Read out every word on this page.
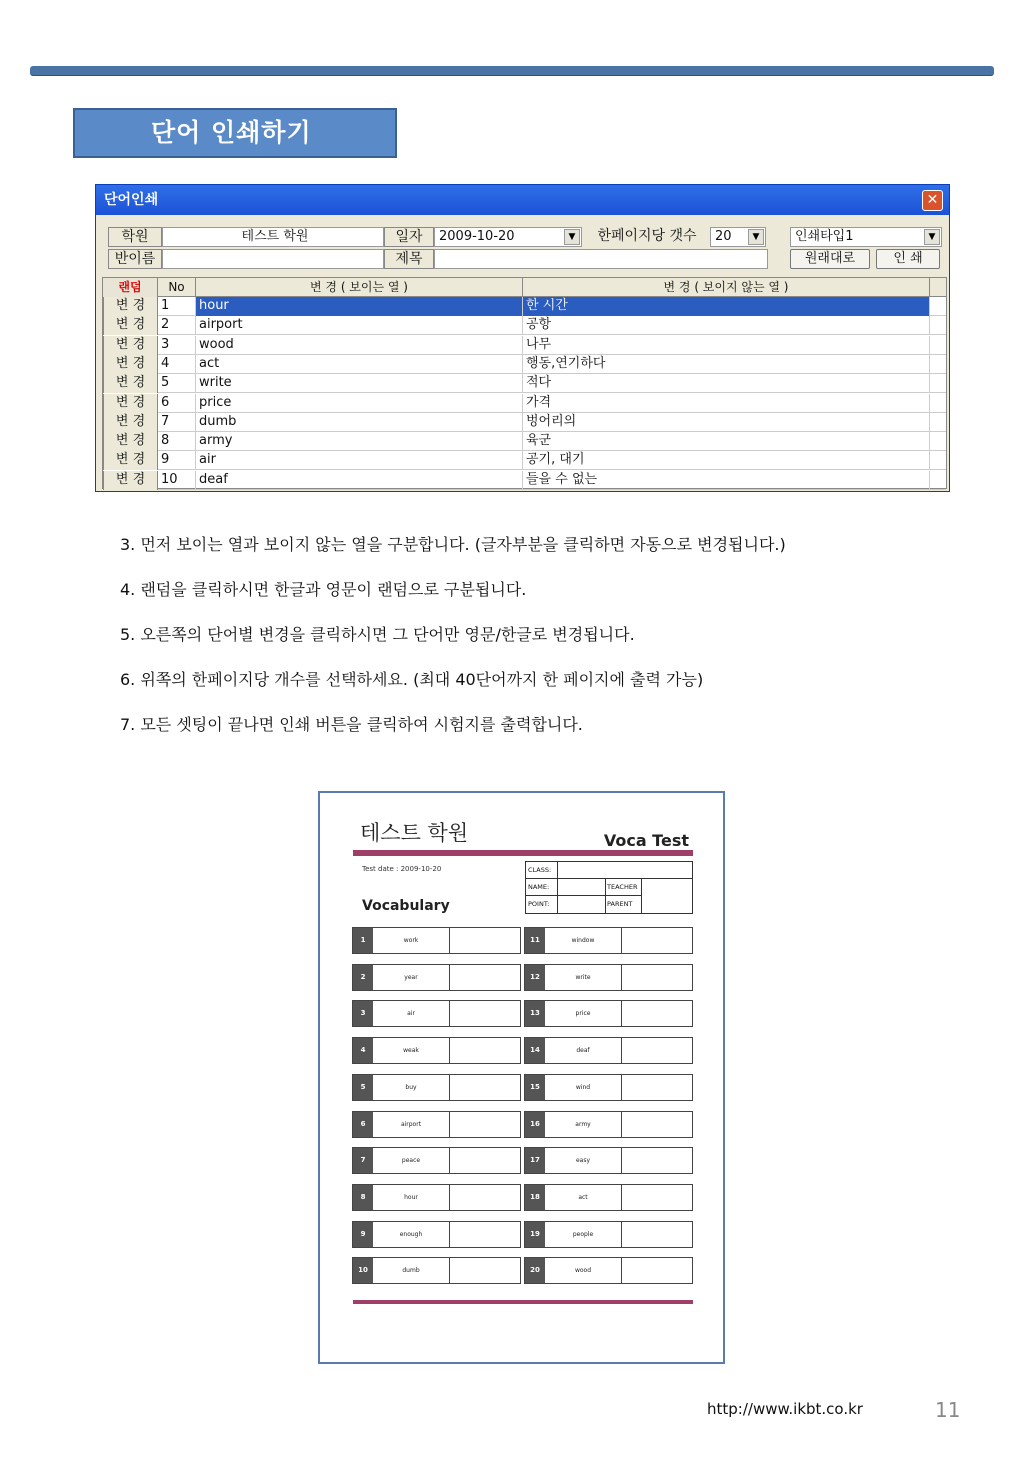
단어 인쇄하기
단어인쇄	✕
학원	테스트 학원	일자	2009-10-20	▼	한페이지당 갯수	20	▼	인쇄타입1	▼
반이름	제목	원래대로	인 쇄
랜덤	No	변 경 ( 보이는 열 )	변 경 ( 보이지 않는 열 )
변 경	1	hour	한 시간
변 경	2	airport	공항
변 경	3	wood	나무
변 경	4	act	행동,연기하다
변 경	5	write	적다
변 경	6	price	가격
변 경	7	dumb	벙어리의
변 경	8	army	육군
변 경	9	air	공기, 대기
변 경	10	deaf	들을 수 없는
3. 먼저 보이는 열과 보이지 않는 열을 구분합니다. (글자부분을 클릭하면 자동으로 변경됩니다.)
4. 랜덤을 클릭하시면 한글과 영문이 랜덤으로 구분됩니다.
5. 오른쪽의 단어별 변경을 클릭하시면 그 단어만 영문/한글로 변경됩니다.
6. 위쪽의 한페이지당 개수를 선택하세요. (최대 40단어까지 한 페이지에 출력 가능)
7. 모든 셋팅이 끝나면 인쇄 버튼을 클릭하여 시험지를 출력합니다.
테스트 학원	Voca Test
Test date : 2009-10-20
Vocabulary
CLASS:
NAME:	TEACHER
POINT:	PARENT
1	work
2	year
3	air
4	weak
5	buy
6	airport
7	peace
8	hour
9	enough
10	dumb
11	window
12	write
13	price
14	deaf
15	wind
16	army
17	easy
18	act
19	people
20	wood
http://www.ikbt.co.kr	11
